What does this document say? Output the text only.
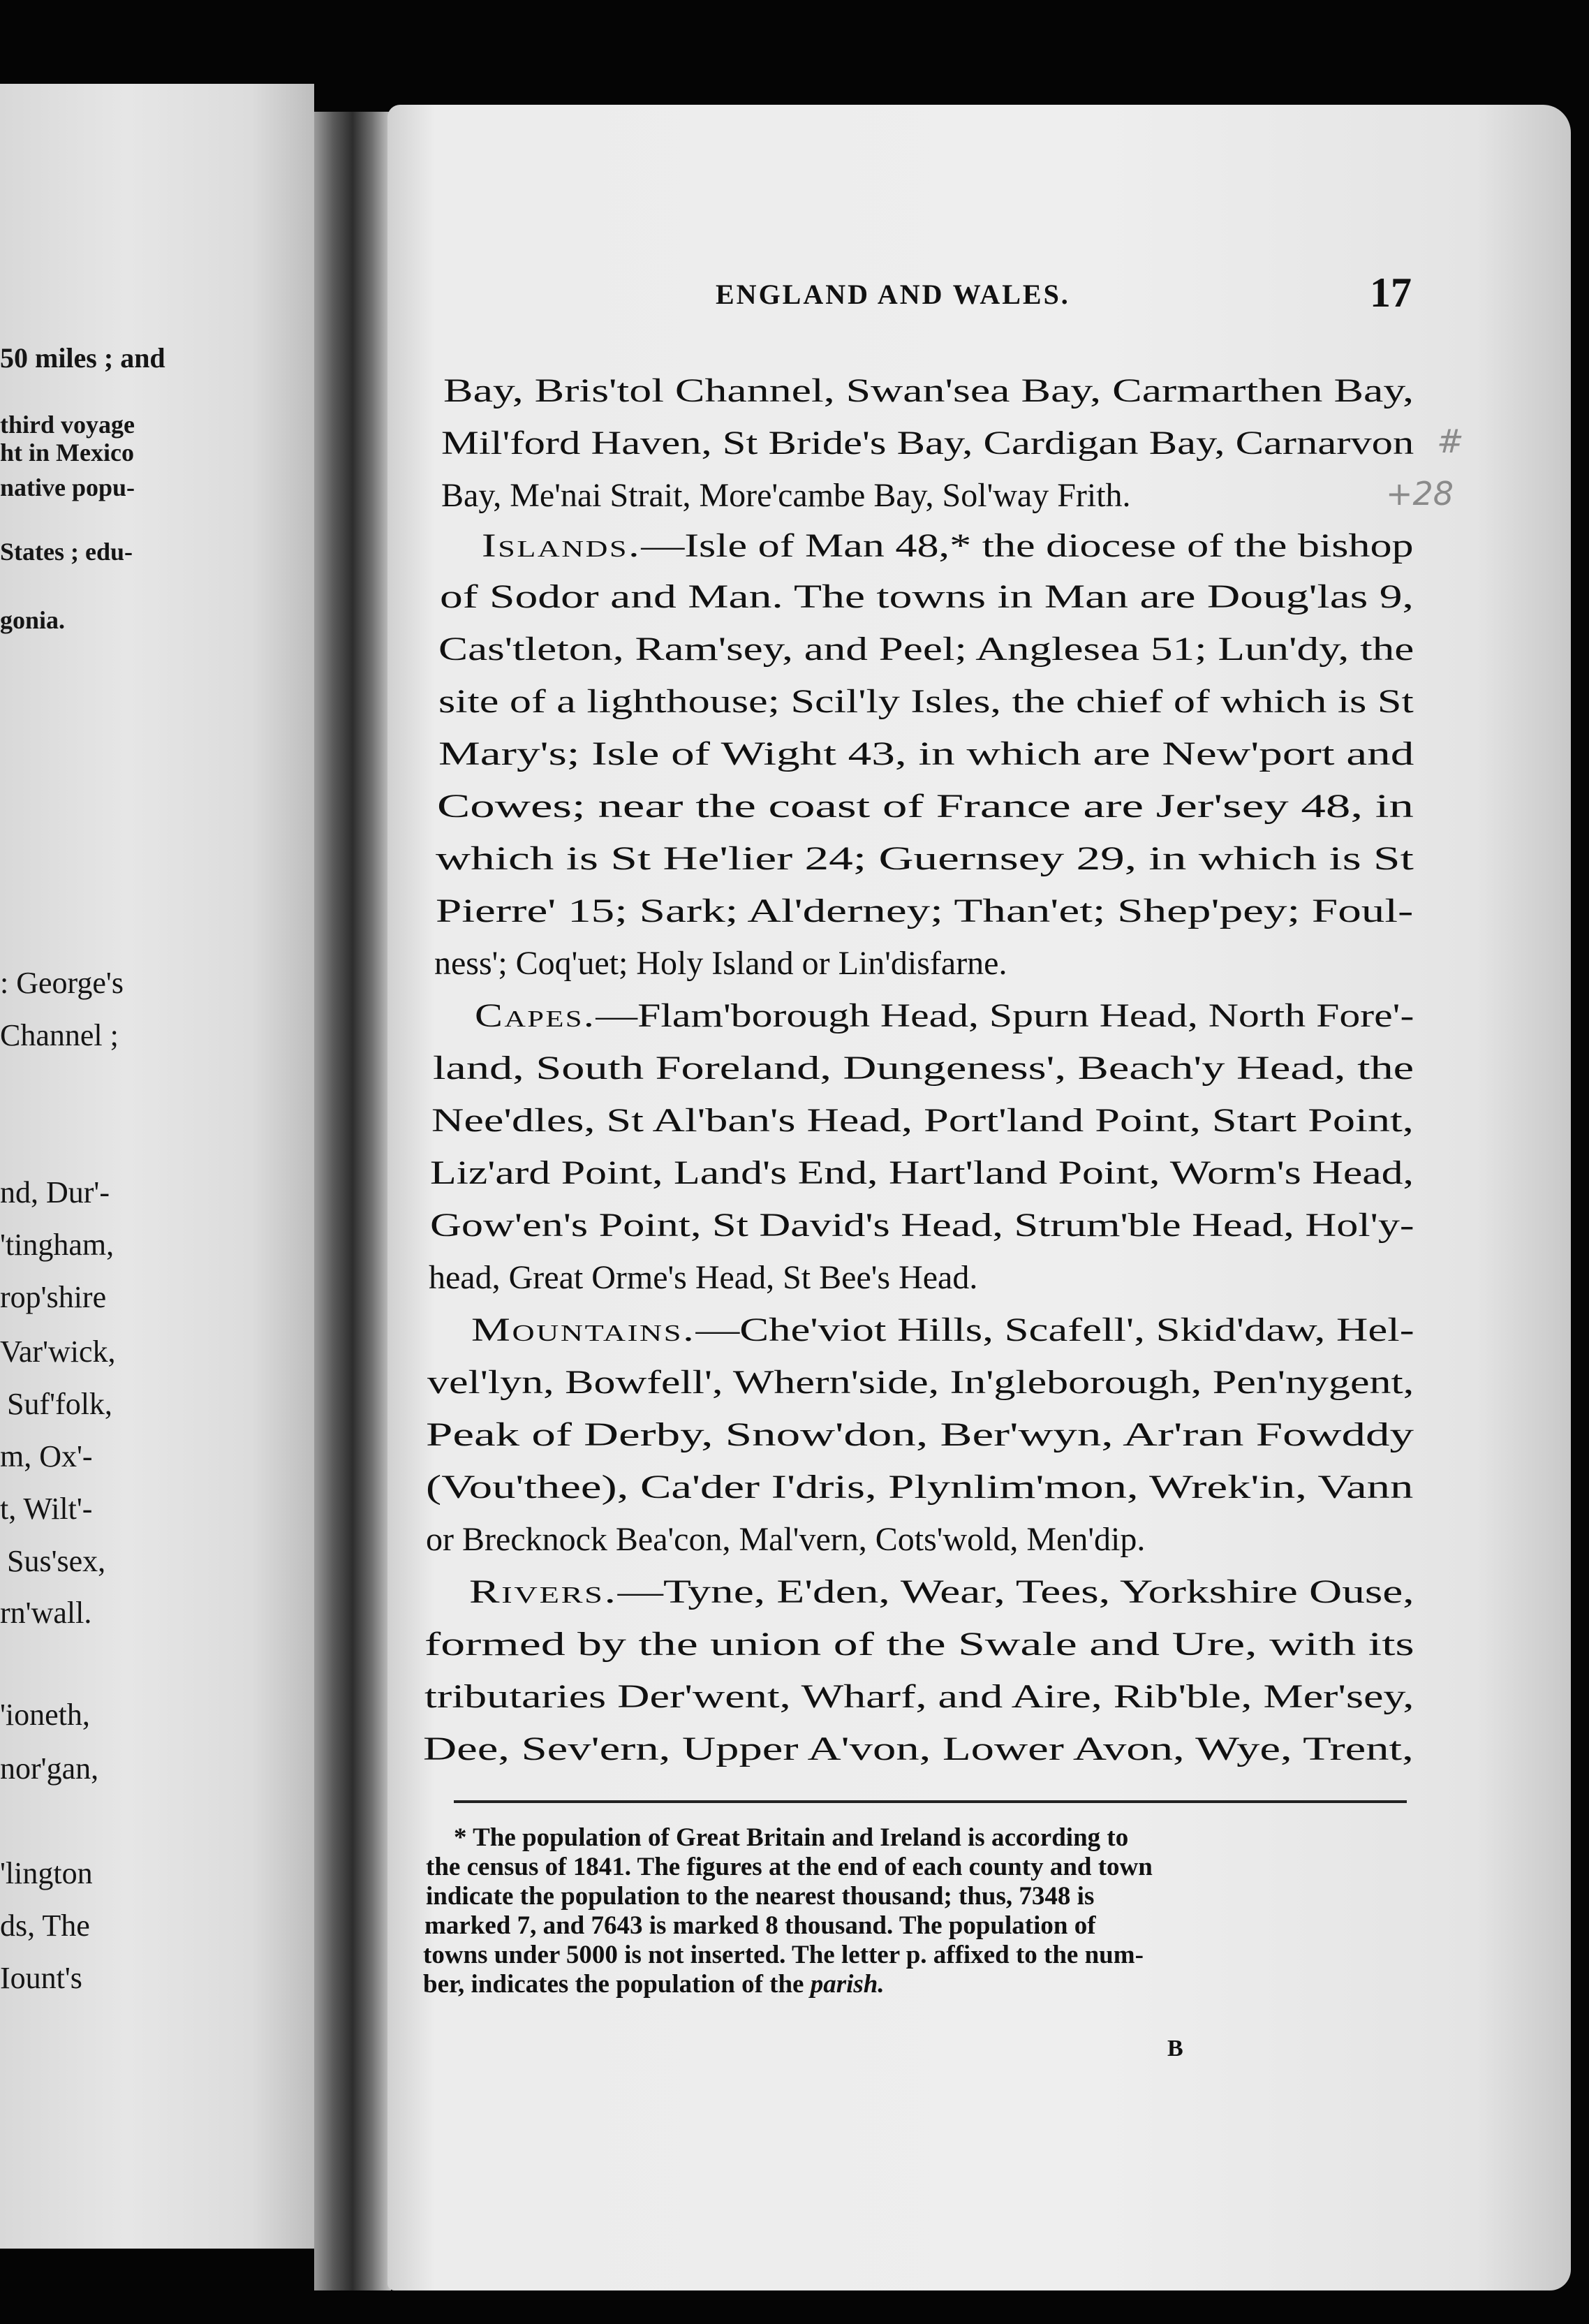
50 miles ; and
third voyage
ht in Mexico
native popu-
States ; edu-
gonia.
: George's
Channel ;
nd, Dur'-
'tingham,
rop'shire
Var'wick,
Suf'folk,
m, Ox'-
t, Wilt'-
Sus'sex,
rn'wall.
'ioneth,
nor'gan,
'lington
ds, The
Iount's
ENGLAND AND WALES.	17
Bay, Bris'tol Channel, Swan'sea Bay, Carmarthen Bay,
Mil'ford Haven, St Bride's Bay, Cardigan Bay, Carnarvon
Bay, Me'nai Strait, More'cambe Bay, Sol'way Frith.
Islands.—Isle of Man 48,* the diocese of the bishop
of Sodor and Man. The towns in Man are Doug'las 9,
Cas'tleton, Ram'sey, and Peel; Anglesea 51; Lun'dy, the
site of a lighthouse; Scil'ly Isles, the chief of which is St
Mary's; Isle of Wight 43, in which are New'port and
Cowes; near the coast of France are Jer'sey 48, in
which is St He'lier 24; Guernsey 29, in which is St
Pierre' 15; Sark; Al'derney; Than'et; Shep'pey; Foul-
ness'; Coq'uet; Holy Island or Lin'disfarne.
Capes.—Flam'borough Head, Spurn Head, North Fore'-
land, South Foreland, Dungeness', Beach'y Head, the
Nee'dles, St Al'ban's Head, Port'land Point, Start Point,
Liz'ard Point, Land's End, Hart'land Point, Worm's Head,
Gow'en's Point, St David's Head, Strum'ble Head, Hol'y-
head, Great Orme's Head, St Bee's Head.
Mountains.—Che'viot Hills, Scafell', Skid'daw, Hel-
vel'lyn, Bowfell', Whern'side, In'gleborough, Pen'nygent,
Peak of Derby, Snow'don, Ber'wyn, Ar'ran Fowddy
(Vou'thee), Ca'der I'dris, Plynlim'mon, Wrek'in, Vann
or Brecknock Bea'con, Mal'vern, Cots'wold, Men'dip.
Rivers.—Tyne, E'den, Wear, Tees, Yorkshire Ouse,
formed by the union of the Swale and Ure, with its
tributaries Der'went, Wharf, and Aire, Rib'ble, Mer'sey,
Dee, Sev'ern, Upper A'von, Lower Avon, Wye, Trent,
* The population of Great Britain and Ireland is according to
the census of 1841. The figures at the end of each county and town
indicate the population to the nearest thousand; thus, 7348 is
marked 7, and 7643 is marked 8 thousand. The population of
towns under 5000 is not inserted. The letter p. affixed to the num-
ber, indicates the population of the parish.
B
#
+28
